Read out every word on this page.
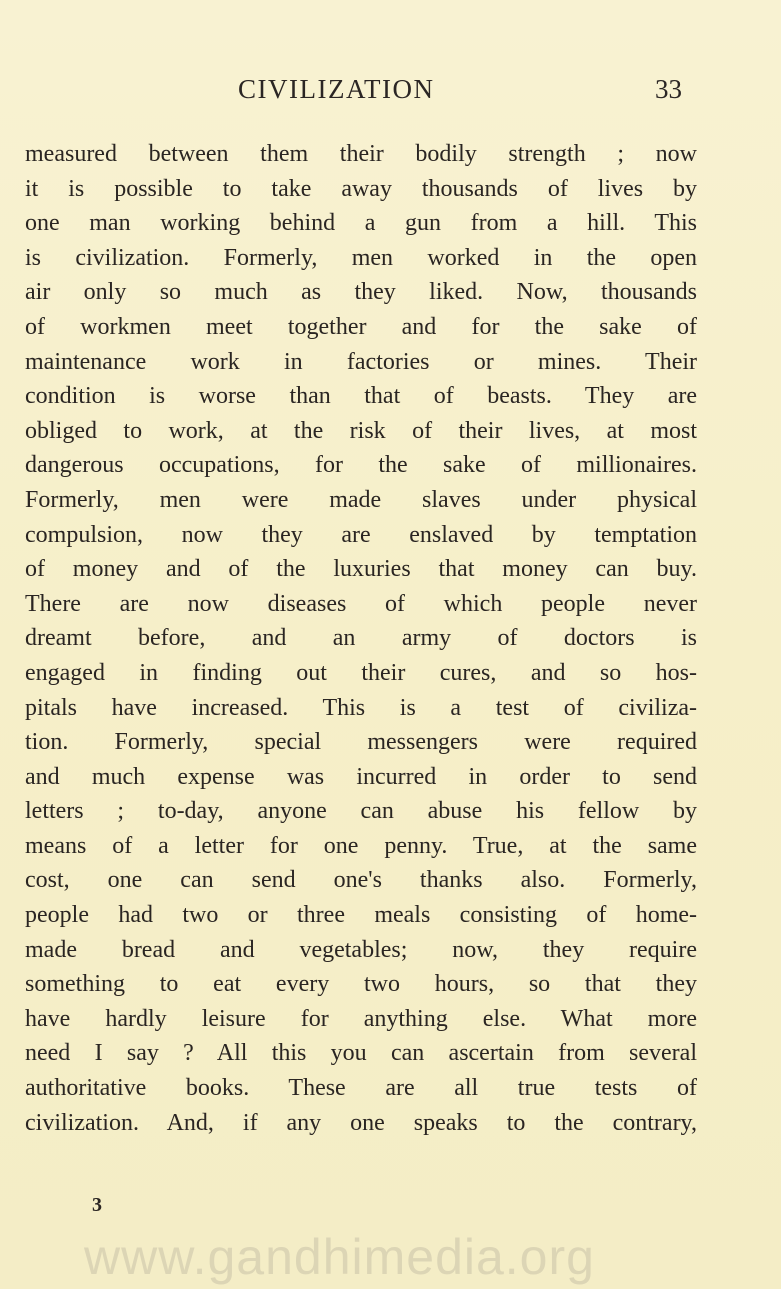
CIVILIZATION	33
measured between them their bodily strength ; now
it is possible to take away thousands of lives by
one man working behind a gun from a hill. This
is civilization. Formerly, men worked in the open
air only so much as they liked. Now, thousands
of workmen meet together and for the sake of
maintenance work in factories or mines. Their
condition is worse than that of beasts. They are
obliged to work, at the risk of their lives, at most
dangerous occupations, for the sake of millionaires.
Formerly, men were made slaves under physical
compulsion, now they are enslaved by temptation
of money and of the luxuries that money can buy.
There are now diseases of which people never
dreamt before, and an army of doctors is
engaged in finding out their cures, and so hos-
pitals have increased. This is a test of civiliza-
tion. Formerly, special messengers were required
and much expense was incurred in order to send
letters ; to-day, anyone can abuse his fellow by
means of a letter for one penny. True, at the same
cost, one can send one's thanks also. Formerly,
people had two or three meals consisting of home-
made bread and vegetables; now, they require
something to eat every two hours, so that they
have hardly leisure for anything else. What more
need I say ? All this you can ascertain from several
authoritative books. These are all true tests of
civilization. And, if any one speaks to the contrary,
3
www.gandhimedia.org
